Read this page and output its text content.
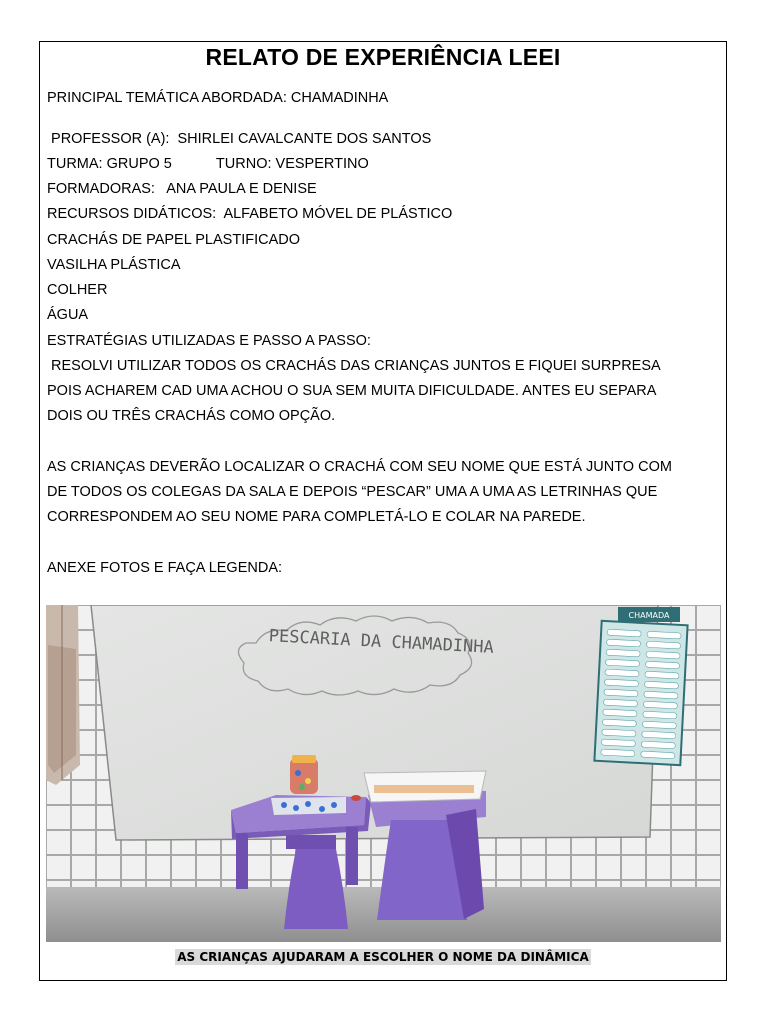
RELATO DE EXPERIÊNCIA LEEI
PRINCIPAL TEMÁTICA ABORDADA: CHAMADINHA
PROFESSOR (A):  SHIRLEI CAVALCANTE DOS SANTOS
TURMA: GRUPO 5           TURNO: VESPERTINO
FORMADORAS:   ANA PAULA E DENISE
RECURSOS DIDÁTICOS:  ALFABETO MÓVEL DE PLÁSTICO
CRACHÁS DE PAPEL PLASTIFICADO
VASILHA PLÁSTICA
COLHER
ÁGUA
ESTRATÉGIAS UTILIZADAS E PASSO A PASSO:
RESOLVI UTILIZAR TODOS OS CRACHÁS DAS CRIANÇAS JUNTOS E FIQUEI SURPRESA
POIS ACHAREM CAD UMA ACHOU O SUA SEM MUITA DIFICULDADE. ANTES EU SEPARA
DOIS OU TRÊS CRACHÁS COMO OPÇÃO.
AS CRIANÇAS DEVERÃO LOCALIZAR O CRACHÁ COM SEU NOME QUE ESTÁ JUNTO COM
DE TODOS OS COLEGAS DA SALA E DEPOIS “PESCAR” UMA A UMA AS LETRINHAS QUE
CORRESPONDEM AO SEU NOME PARA COMPLETÁ-LO E COLAR NA PAREDE.
ANEXE FOTOS E FAÇA LEGENDA:
PESCARIA DA CHAMADINHA
CHAMADA
AS CRIANÇAS AJUDARAM A ESCOLHER O NOME DA DINÂMICA
